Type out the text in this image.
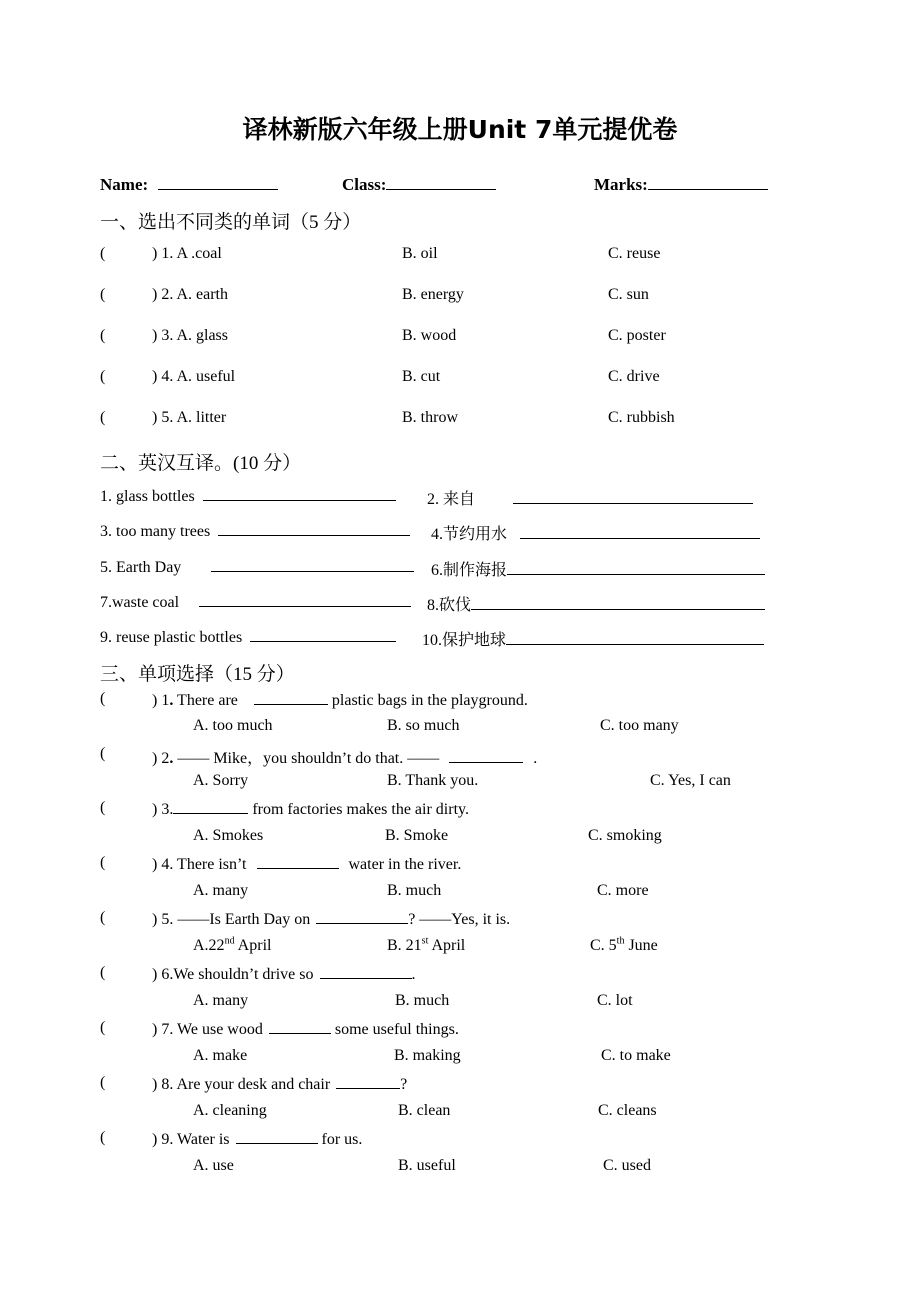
译林新版六年级上册Unit 7单元提优卷
Name:	Class:	Marks:
一、选出不同类的单词（5 分）
(	) 1. A .coal	B. oil	C. reuse
(	) 2. A. earth	B. energy	C. sun
(	) 3. A. glass	B. wood	C. poster
(	) 4. A. useful	B. cut	C. drive
(	) 5. A. litter	B. throw	C. rubbish
二、英汉互译。(10 分）
1. glass bottles	2. 来自
3. too many trees	4.节约用水
5. Earth Day	6.制作海报
7.waste coal	8.砍伐
9. reuse plastic bottles	10.保护地球
三、单项选择（15 分）
(	) 1. There are	plastic bags in the playground.
A. too much	B. so much	C. too many
(	) 2. —— Mike，you shouldn’t do that. ——	.
A. Sorry	B. Thank you.	C. Yes, I can
(	) 3.	from factories makes the air dirty.
A. Smokes	B. Smoke	C. smoking
(	) 4. There isn’t	water in the river.
A. many	B. much	C. more
(	) 5. ——Is Earth Day on	? ——Yes, it is.
A.22nd April	B. 21st April	C. 5th June
(	) 6.We shouldn’t drive so	.
A. many	B. much	C. lot
(	) 7. We use wood	some useful things.
A. make	B. making	C. to make
(	) 8. Are your desk and chair	?
A. cleaning	B. clean	C. cleans
(	) 9. Water is	for us.
A. use	B. useful	C. used
